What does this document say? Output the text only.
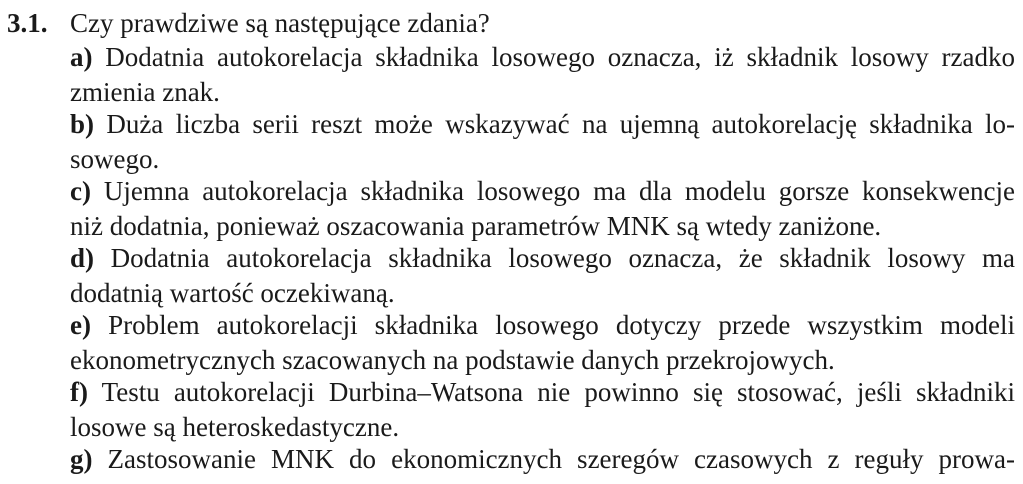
3.1. Czy prawdziwe są następujące zdania?
a) Dodatnia autokorelacja składnika losowego oznacza, iż składnik losowy rzadko
zmienia znak.
b) Duża liczba serii reszt może wskazywać na ujemną autokorelację składnika lo-
sowego.
c) Ujemna autokorelacja składnika losowego ma dla modelu gorsze konsekwencje
niż dodatnia, ponieważ oszacowania parametrów MNK są wtedy zaniżone.
d) Dodatnia autokorelacja składnika losowego oznacza, że składnik losowy ma
dodatnią wartość oczekiwaną.
e) Problem autokorelacji składnika losowego dotyczy przede wszystkim modeli
ekonometrycznych szacowanych na podstawie danych przekrojowych.
f) Testu autokorelacji Durbina–Watsona nie powinno się stosować, jeśli składniki
losowe są heteroskedastyczne.
g) Zastosowanie MNK do ekonomicznych szeregów czasowych z reguły prowa-
